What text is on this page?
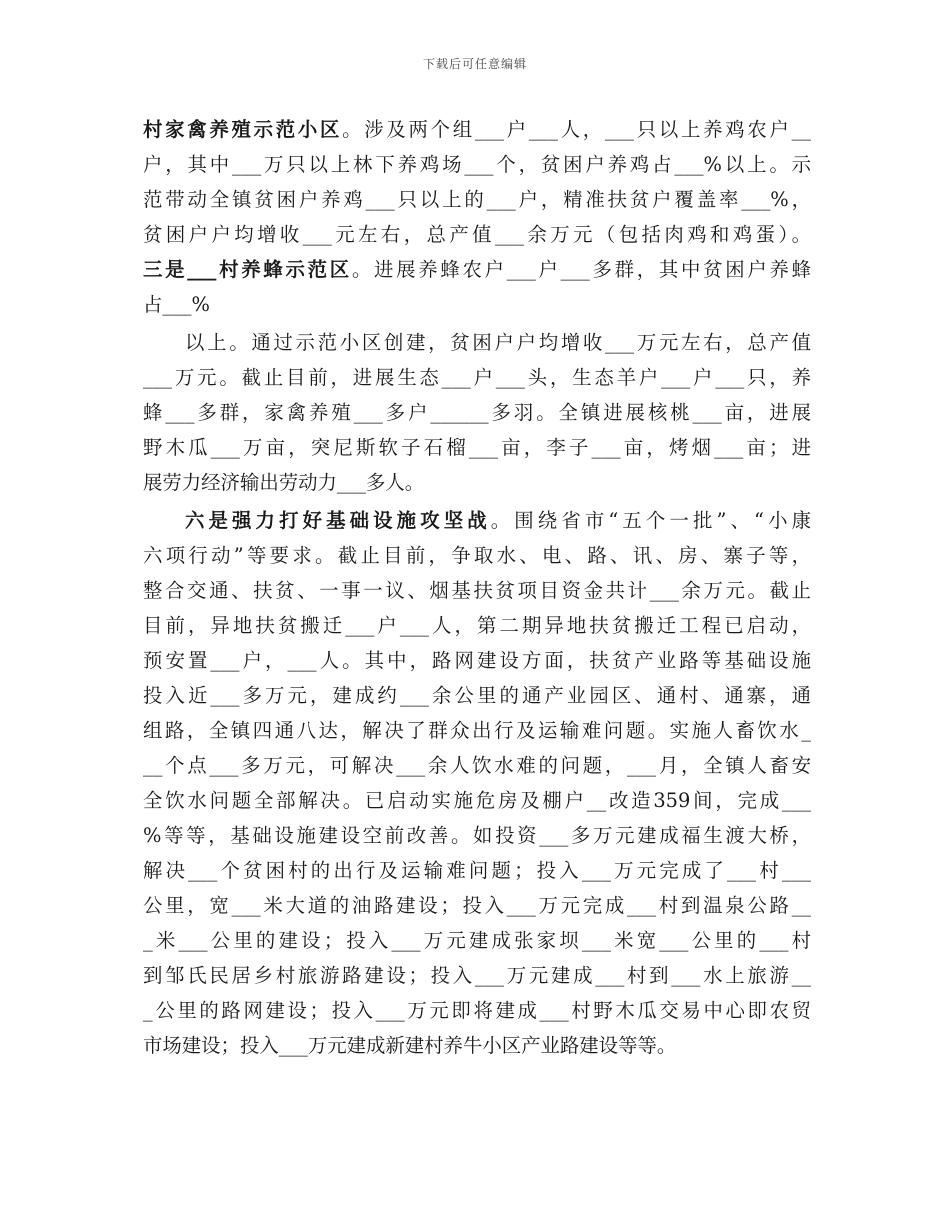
下载后可任意编辑
村家禽养殖示范小区。涉及两个组___户___人，___只以上养鸡农户__
户，其中___万只以上林下养鸡场___个，贫困户养鸡占___%以上。示
范带动全镇贫困户养鸡___只以上的___户，精准扶贫户覆盖率___%，
贫困户户均增收___元左右，总产值___余万元（包括肉鸡和鸡蛋）。
三是___村养蜂示范区。进展养蜂农户___户___多群，其中贫困户养蜂
占___%
以上。通过示范小区创建，贫困户户均增收___万元左右，总产值
___万元。截止目前，进展生态___户___头，生态羊户___户___只，养
蜂___多群，家禽养殖___多户______多羽。全镇进展核桃___亩，进展
野木瓜___万亩，突尼斯软子石榴___亩，李子___亩，烤烟___亩；进
展劳力经济输出劳动力___多人。
六是强力打好基础设施攻坚战。围绕省市“五个一批”、“小康
六项行动”等要求。截止目前，争取水、电、路、讯、房、寨子等，
整合交通、扶贫、一事一议、烟基扶贫项目资金共计___余万元。截止
目前，异地扶贫搬迁___户___人，第二期异地扶贫搬迁工程已启动，
预安置___户，___人。其中，路网建设方面，扶贫产业路等基础设施
投入近___多万元，建成约___余公里的通产业园区、通村、通寨，通
组路，全镇四通八达，解决了群众出行及运输难问题。实施人畜饮水_
__个点___多万元，可解决___余人饮水难的问题，___月，全镇人畜安
全饮水问题全部解决。已启动实施危房及棚户__改造359间，完成___
%等等，基础设施建设空前改善。如投资___多万元建成福生渡大桥，
解决___个贫困村的出行及运输难问题；投入___万元完成了___村___
公里，宽___米大道的油路建设；投入___万元完成___村到温泉公路__
_米___公里的建设；投入___万元建成张家坝___米宽___公里的___村
到邹氏民居乡村旅游路建设；投入___万元建成___村到___水上旅游__
_公里的路网建设；投入___万元即将建成___村野木瓜交易中心即农贸
市场建设；投入___万元建成新建村养牛小区产业路建设等等。
